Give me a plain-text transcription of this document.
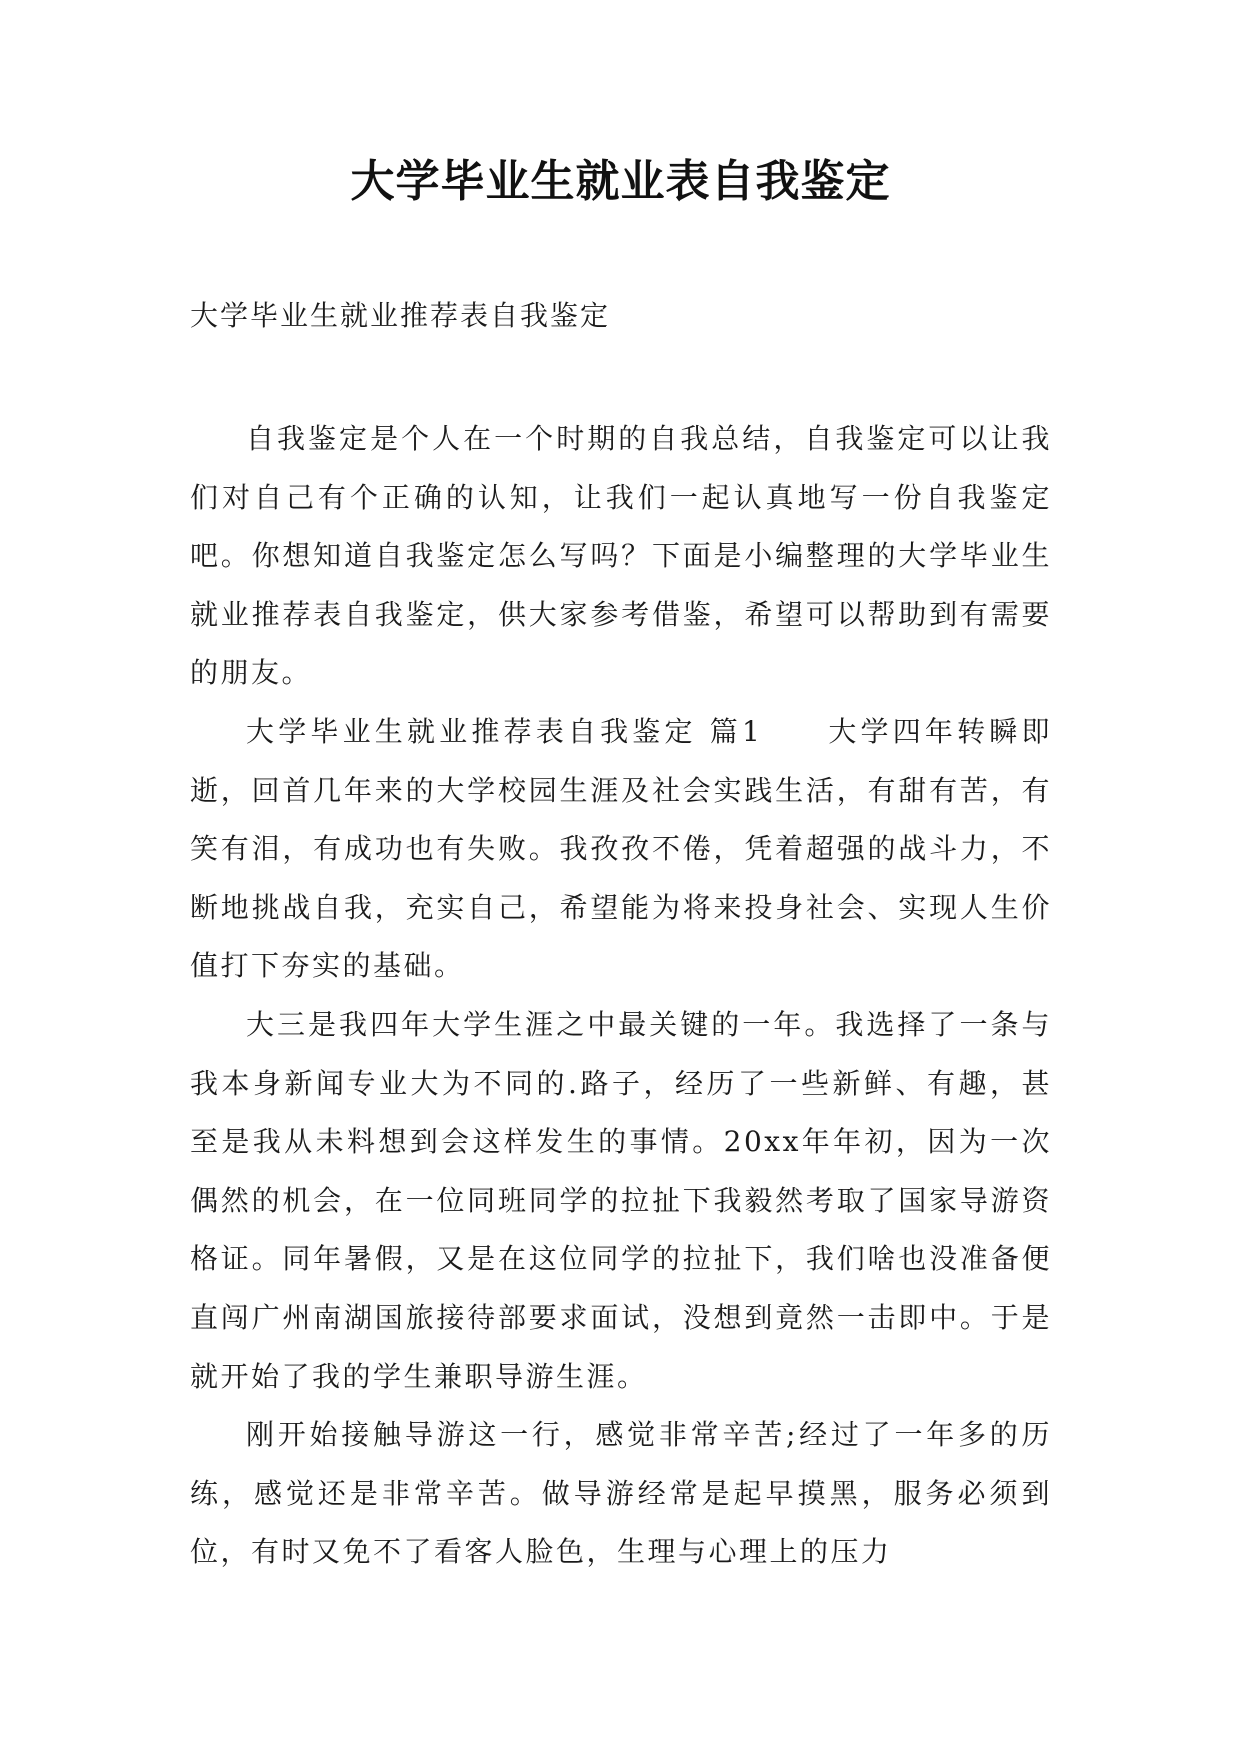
大学毕业生就业表自我鉴定
大学毕业生就业推荐表自我鉴定

自我鉴定是个人在一个时期的自我总结，自我鉴定可以让我们对自己有个正确的认知，让我们一起认真地写一份自我鉴定吧。你想知道自我鉴定怎么写吗？下面是小编整理的大学毕业生就业推荐表自我鉴定，供大家参考借鉴，希望可以帮助到有需要的朋友。

大学毕业生就业推荐表自我鉴定 篇1　　大学四年转瞬即逝，回首几年来的大学校园生涯及社会实践生活，有甜有苦，有笑有泪，有成功也有失败。我孜孜不倦，凭着超强的战斗力，不断地挑战自我，充实自己，希望能为将来投身社会、实现人生价值打下夯实的基础。

大三是我四年大学生涯之中最关键的一年。我选择了一条与我本身新闻专业大为不同的.路子，经历了一些新鲜、有趣，甚至是我从未料想到会这样发生的事情。20xx年年初，因为一次偶然的机会，在一位同班同学的拉扯下我毅然考取了国家导游资格证。同年暑假，又是在这位同学的拉扯下，我们啥也没准备便直闯广州南湖国旅接待部要求面试，没想到竟然一击即中。于是就开始了我的学生兼职导游生涯。

刚开始接触导游这一行，感觉非常辛苦;经过了一年多的历练，感觉还是非常辛苦。做导游经常是起早摸黑，服务必须到位，有时又免不了看客人脸色，生理与心理上的压力
